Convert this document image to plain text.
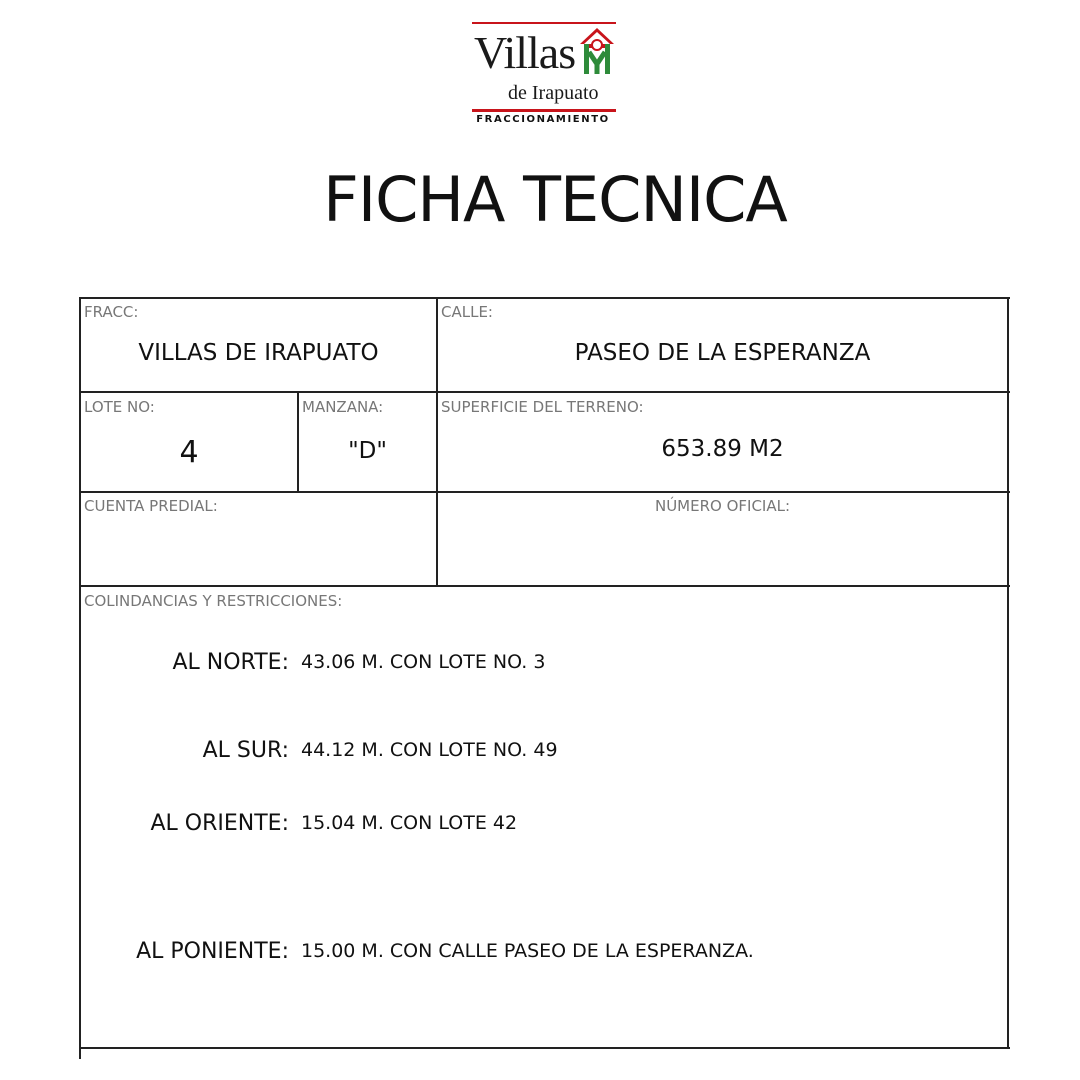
Villas
de Irapuato
FRACCIONAMIENTO
FICHA TECNICA
FRACC:
VILLAS DE IRAPUATO
CALLE:
PASEO DE LA ESPERANZA
LOTE NO:
4
MANZANA:
"D"
SUPERFICIE DEL TERRENO:
653.89 M2
CUENTA PREDIAL:	NÚMERO OFICIAL:
COLINDANCIAS Y RESTRICCIONES:
AL NORTE: 43.06 M. CON LOTE NO. 3
AL SUR: 44.12 M. CON LOTE NO. 49
AL ORIENTE: 15.04 M. CON LOTE 42
AL PONIENTE: 15.00 M. CON CALLE PASEO DE LA ESPERANZA.
